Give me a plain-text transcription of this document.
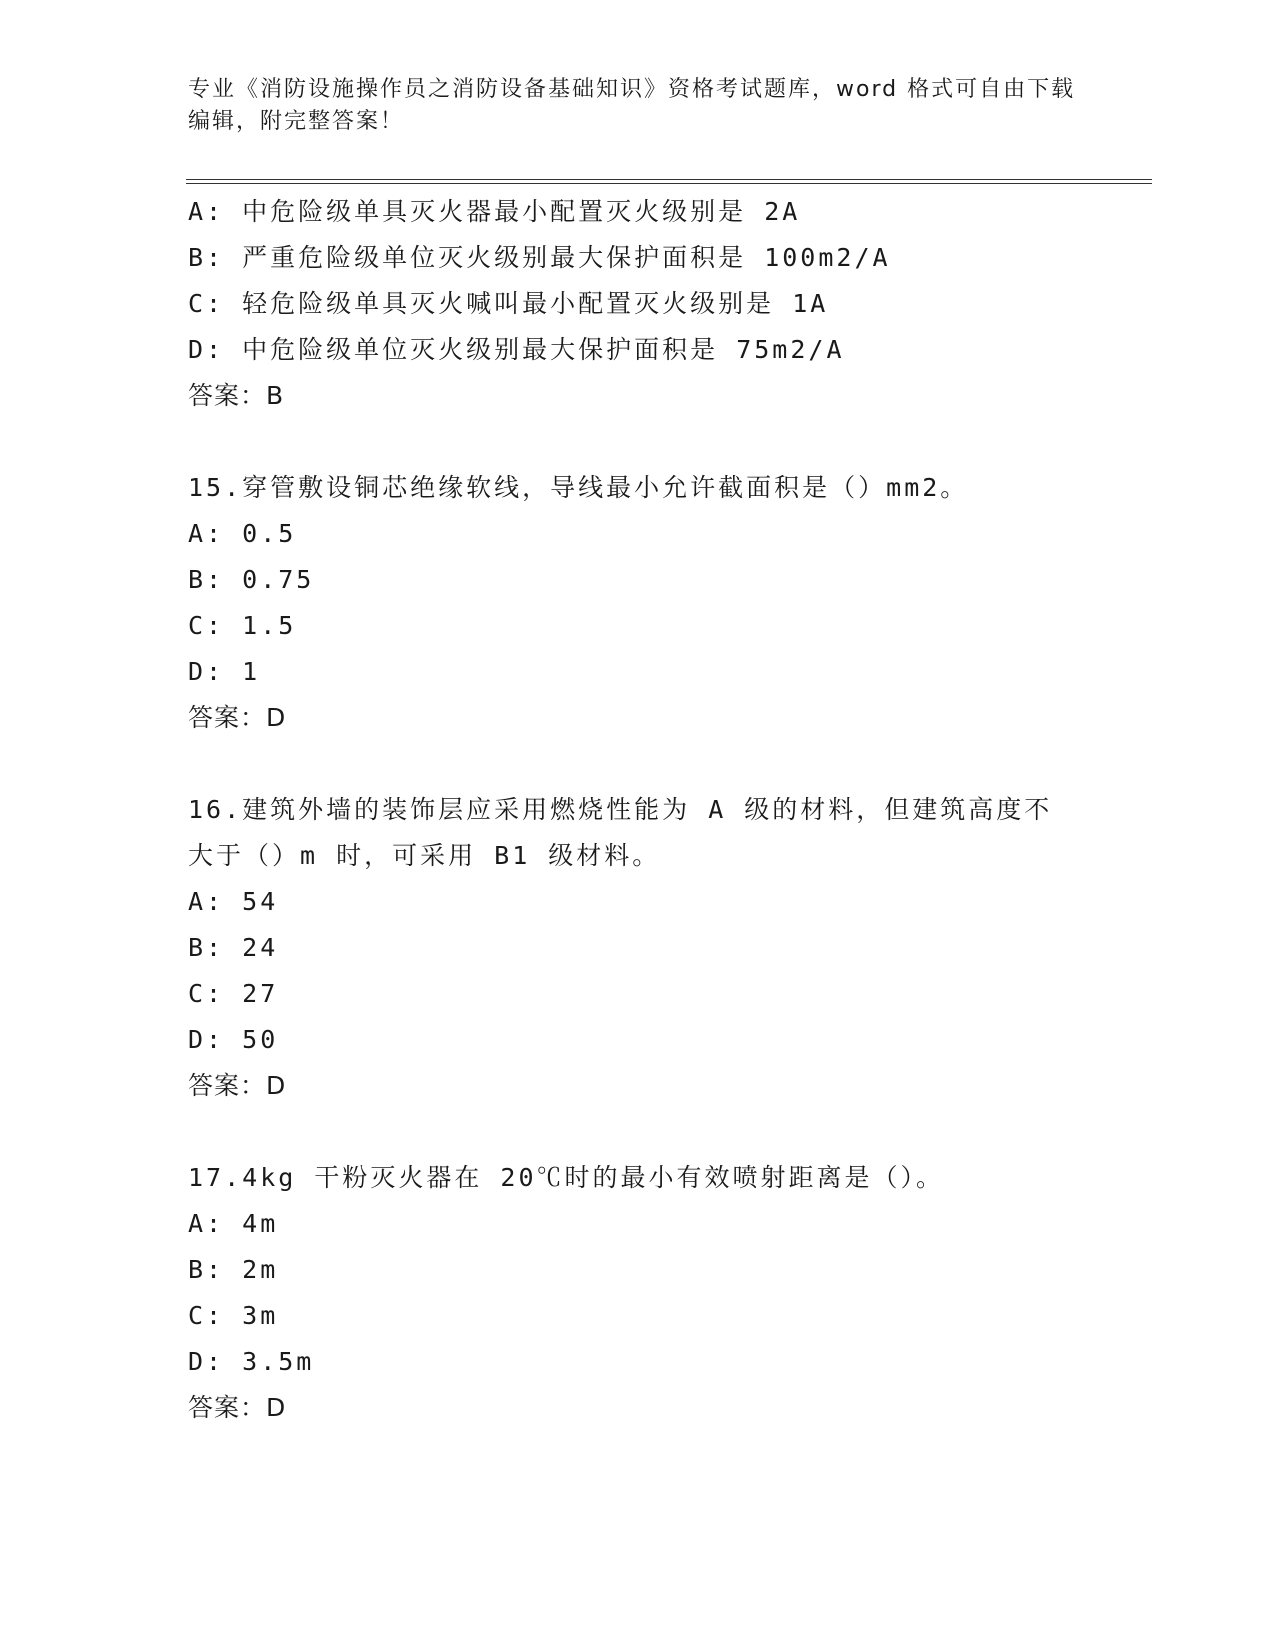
专业《消防设施操作员之消防设备基础知识》资格考试题库，word 格式可自由下载编辑，附完整答案！
A: 中危险级单具灭火器最小配置灭火级别是 2A
B: 严重危险级单位灭火级别最大保护面积是 100m2/A
C: 轻危险级单具灭火喊叫最小配置灭火级别是 1A
D: 中危险级单位灭火级别最大保护面积是 75m2/A
答案：B
15.穿管敷设铜芯绝缘软线，导线最小允许截面积是（）mm2。
A: 0.5
B: 0.75
C: 1.5
D: 1
答案：D
16.建筑外墙的装饰层应采用燃烧性能为 A 级的材料，但建筑高度不大于（）m 时，可采用 B1 级材料。
A: 54
B: 24
C: 27
D: 50
答案：D
17.4kg 干粉灭火器在 20℃时的最小有效喷射距离是（）。
A: 4m
B: 2m
C: 3m
D: 3.5m
答案：D
